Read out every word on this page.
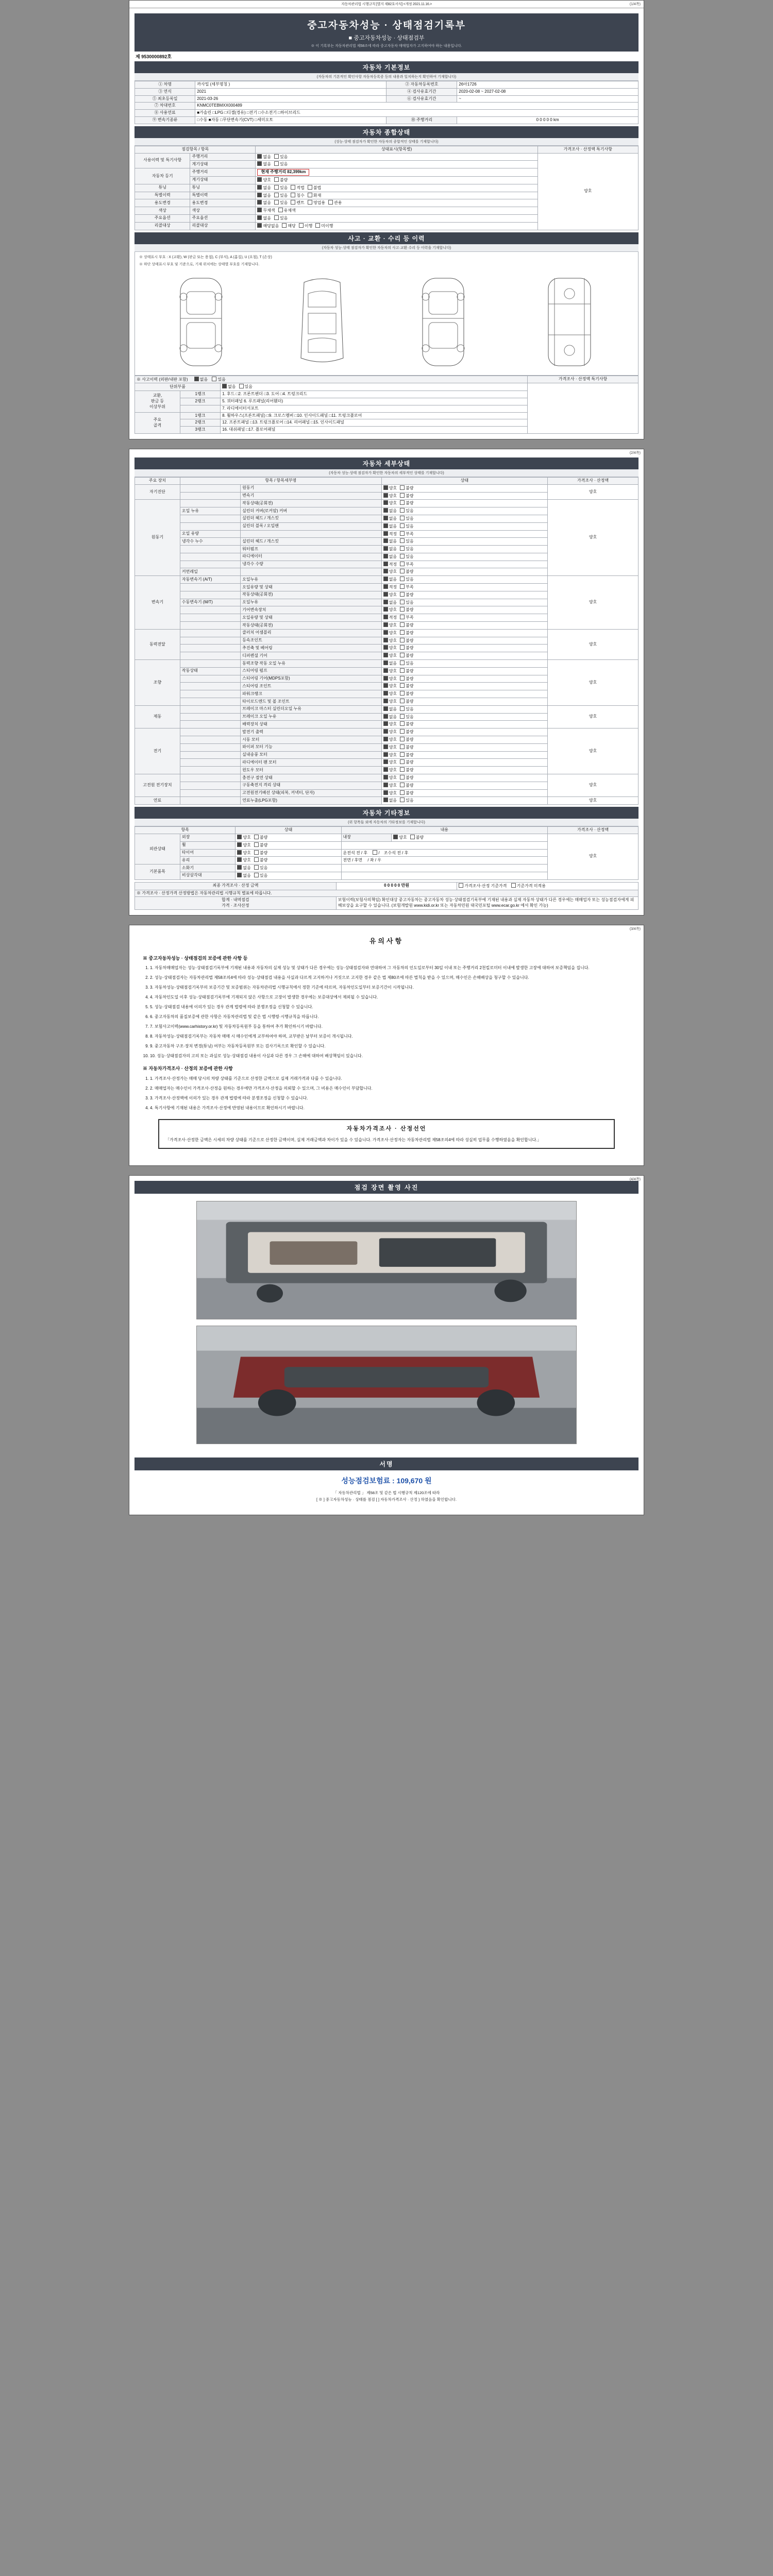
자동차관리법 시행규칙 [별지 제82호서식] <개정 2021.11.16.>	(1/4쪽)
중고자동차성능 · 상태점검기록부
■ 중고자동차성능 · 상태점검부
※ 이 기록부는 자동차관리법 제58조에 따라 중고자동차 매매업자가 고지하여야 하는 내용입니다.
제 9530000892호
자동차 기본정보
(자동차의 기본적인 확인사항 자동차등록증 등의 내용과 일치하는지 확인하여 기재합니다)
① 차명	까사밀 (세부명칭 )	② 자동차등록번호	26아1726
③ 연식	2021	④ 검사유효기간	2020-02-08 ~ 2027-02-08
⑤ 최초등록일	2021-03-26	⑥ 검사유효기간	~
⑦ 차대번호	KNMC0TEBMXX000489		
⑧ 사용연료	■가솔린 □LPG □디젤(경유) □전기 □수소전기 □하이브리드		
⑨ 변속기종류	□수동 ■자동 □무단변속기(CVT) □세미오토	⑩ 주행거리	0 0 0 0 0 km
자동차 종합상태
(성능·상태 점검자가 확인한 자동차의 종합적인 상태를 기재합니다)
점검항목 / 항목		상태표시(항목별)	가격조사 · 산정액 특기사항
사용이력 및 특기사항	주행거리	없음 있음	양호
	계기상태	없음 있음	
자동차 등기	주행거리	현재 주행거리 82,399km	
	계기상태	양호 불량	
튜닝	튜닝	없음 있음 적법 불법	
특별이력	특별이력	없음 있음 침수 화재	
용도변경	용도변경	없음 있음 렌트 영업용 관용	
색상	색상	무채색 유채색	
주요옵션	주요옵션	없음 있음	
리콜대상	리콜대상	해당없음 해당 이행 미이행	
사고 · 교환 · 수리 등 이력
(자동차 성능·상태 점검자가 확인한 자동차의 사고·교환·수리 등 이력을 기재합니다)
※ 상태표시 부호 : X (교환), W (판금 또는 용접), C (부식), A (홈집), U (요철), T (손상)
※ 하단 상태표시 부호 및 기준으로, 기재 위치에는 상태별 부호를 기재합니다.
※ 사고이력 (외판/내판 포함) 없음 있음			가격조사 · 산정액 특기사항
단위부품		없음 있음	
교환,
판금 등
이상부위	1랭크	1. 후드 □2. 프론트펜더 □3. 도어 □4. 트렁크리드	
	2랭크	5. 쿼터패널 6. 루프패널(리어휀더)	
		7. 라디에이터서포트	
주요
골격	1랭크	8. 휠하우스(프론트패널) □9. 크로스멤버 □10. 인사이드패널 □11. 트렁크플로어	
	2랭크	12. 프론트패널 □13. 트렁크플로어 □14. 리어패널 □15. 인사이드패널	
	3랭크	16. 대쉬패널 □17. 플로어패널	
(2/4쪽)
자동차 세부상태
(자동차 성능·상태 점검자가 확인한 자동차의 세부적인 상태를 기재합니다)
주요 장치	항목 / 항목세부명		상태	가격조사 · 산정액
자기진단		원동기	양호 불량	양호
		변속기	양호 불량	
원동기		작동상태(공회전)	양호 불량	양호
	오일 누유	실린더 커버(로커암) 커버	없음 있음	
		실린더 헤드 / 개스킷	없음 있음	
		실린더 블록 / 오일팬	없음 있음	
	오일 유량		적정 부족	
	냉각수 누수	실린더 헤드 / 개스킷	없음 있음	
		워터펌프	없음 있음	
		라디에이터	없음 있음	
		냉각수 수량	적정 부족	
	커먼레일		양호 불량	
변속기	자동변속기 (A/T)	오일누유	없음 있음	양호
		오일유량 및 상태	적정 부족	
		작동상태(공회전)	양호 불량	
	수동변속기 (M/T)	오일누유	없음 있음	
		기어변속장치	양호 불량	
		오일유량 및 상태	적정 부족	
		작동상태(공회전)	양호 불량	
동력전달		클러치 어셈블리	양호 불량	양호
		등속조인트	양호 불량	
		추진축 및 베어링	양호 불량	
		디퍼렌셜 기어	양호 불량	
조향		동력조향 작동 오일 누유	없음 있음	양호
	작동상태	스티어링 펌프	양호 불량	
		스티어링 기어(MDPS포함)	양호 불량	
		스티어링 조인트	양호 불량	
		파워크랭크	양호 불량	
		타이로드엔드 및 볼 조인트	양호 불량	
제동		브레이크 마스터 실린더오일 누유	없음 있음	양호
		브레이크 오일 누유	없음 있음	
		배력장치 상태	양호 불량	
전기		발전기 출력	양호 불량	양호
		시동 모터	양호 불량	
		와이퍼 모터 기능	양호 불량	
		실내송풍 모터	양호 불량	
		라디에이터 팬 모터	양호 불량	
		윈도우 모터	양호 불량	
고전원 전기장치		충전구 절연 상태	양호 불량	양호
		구동축전지 격리 상태	양호 불량	
		고전원전기배선 상태(피복, 커넥터, 단자)	양호 불량	
연료		연료누출(LPG포함)	없음 있음	양호
자동차 기타정보
(위 항목들 외에 자동차의 기타정보를 기재합니다)
항목		상태	내용		가격조사 · 산정액
외관상태	외장	양호 불량	내장	양호 불량	양호
	휠	양호 불량			
	타이어	양호 불량	운전석 전 / 후 / 조수석 전 / 후		
	유리	양호 불량	전면 / 후면 / 좌 / 우		
기본품목	소화기	없음 있음			
	비상삼각대	없음 있음			
최종 가격조사 · 산정 금액	0 0 0 0 0 만원	가격조사·산정 기준가격 기준가격 미적용
※ 가격조사 · 산정가격 산정방법은 자동차관리법 시행규칙 별표에 따릅니다.		

합계 · 내역점검
가격 · 조사산정	보험이력(보험사의책임) 확인대상 중고자동차는 중고자동차 성능·상태점검기록부에 기재된 내용과 실제 자동차 상태가 다른 경우에는 매매업자 또는 성능점검자에게 피해보상을 요구할 수 있습니다. (보험개발원 www.kidi.or.kr 또는 자동차민원 대국민포털 www.ecar.go.kr 에서 확인 가능)	
(3/4쪽)
유의사항
※ 중고자동차성능 · 상태점검의 보증에 관한 사항 등
1. 1. 자동차매매업자는 성능·상태점검기록부에 기재된 내용과 자동차의 실제 성능 및 상태가 다른 경우에는 성능·상태점검자와 연대하여 그 자동차의 인도일로부터 30일 이내 또는 주행거리 2천킬로미터 이내에 발생한 고장에 대하여 보증책임을 집니다.
2. 2. 성능·상태점검자는 자동차관리법 제58조의4에 따라 성능·상태점검 내용을 사실과 다르게 고지하거나 거짓으로 고지한 경우 같은 법 제80조에 따른 벌칙을 받을 수 있으며, 매수인은 손해배상을 청구할 수 있습니다.
3. 3. 자동차성능·상태점검기록부의 보증기간 및 보증범위는 자동차관리법 시행규칙에서 정한 기준에 따르며, 자동차인도일부터 보증기간이 시작됩니다.
4. 4. 자동차인도일 이후 성능·상태점검기록부에 기재되지 않은 사항으로 고장이 발생한 경우에는 보증대상에서 제외될 수 있습니다.
5. 5. 성능·상태점검 내용에 이의가 있는 경우 관계 법령에 따라 분쟁조정을 신청할 수 있습니다.
6. 6. 중고자동차의 품질보증에 관한 사항은 자동차관리법 및 같은 법 시행령·시행규칙을 따릅니다.
7. 7. 보험사고이력(www.carhistory.or.kr) 및 자동차등록원부 등을 통하여 추가 확인하시기 바랍니다.
8. 8. 자동차성능·상태점검기록부는 자동차 매매 시 매수인에게 교부하여야 하며, 교부받은 날부터 보증이 개시됩니다.
9. 9. 중고자동차 구조·장치 변경(튜닝) 여부는 자동차등록원부 또는 검사기록으로 확인할 수 있습니다.
10. 10. 성능·상태점검자의 고의 또는 과실로 성능·상태점검 내용이 사실과 다른 경우 그 손해에 대하여 배상책임이 있습니다.
※ 자동차가격조사 · 산정의 보증에 관한 사항
1. 1. 가격조사·산정가는 매매 당시의 차량 상태를 기준으로 산정한 금액으로 실제 거래가격과 다를 수 있습니다.
2. 2. 매매업자는 매수인이 가격조사·산정을 원하는 경우에만 가격조사·산정을 의뢰할 수 있으며, 그 비용은 매수인이 부담합니다.
3. 3. 가격조사·산정액에 이의가 있는 경우 관계 법령에 따라 분쟁조정을 신청할 수 있습니다.
4. 4. 특기사항에 기재된 내용은 가격조사·산정에 반영된 내용이므로 확인하시기 바랍니다.
자동차가격조사 · 산정선언
「가격조사·산정한 금액은 시세의 차량 상태를 기준으로 산정한 금액이며, 실제 거래금액과 차이가 있을 수 있습니다. 가격조사·산정자는 자동차관리법 제58조의4에 따라 성실히 업무를 수행하였음을 확인합니다.」
(4/4쪽)
점검 장면 촬영 사진
서명
성능점검보험료 : 109,670 원
「 자동차관리법 」 제58조 및 같은 법 시행규칙 제120조에 따라
[ ※ ] 중고자동차성능 · 상태를 점검 [ ] 자동차가격조사 · 산정 } 하였음을 확인합니다.
